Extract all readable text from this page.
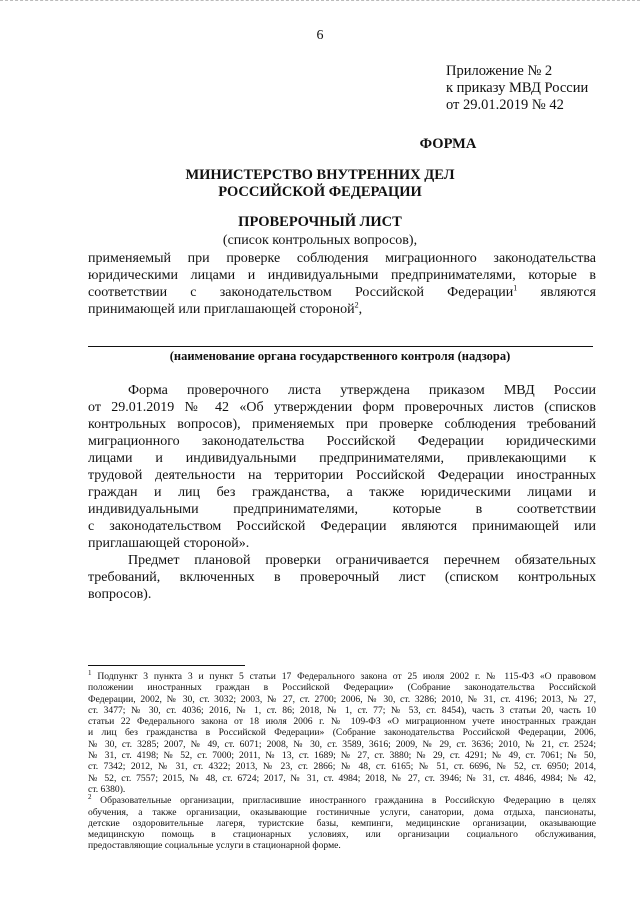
6
Приложение № 2
к приказу МВД России
от 29.01.2019 № 42
ФОРМА
МИНИСТЕРСТВО ВНУТРЕННИХ ДЕЛ
РОССИЙСКОЙ ФЕДЕРАЦИИ
ПРОВЕРОЧНЫЙ ЛИСТ
(список контрольных вопросов),
применяемый при проверке соблюдения миграционного законодательства
юридическими лицами и индивидуальными предпринимателями, которые в
соответствии с законодательством Российской Федерации$^1$ являются
принимающей или приглашающей стороной$^2$,
(наименование органа государственного контроля (надзора)
Форма проверочного листа утверждена приказом МВД России
от 29.01.2019 № 42 «Об утверждении форм проверочных листов (списков
контрольных вопросов), применяемых при проверке соблюдения требований
миграционного законодательства Российской Федерации юридическими
лицами и индивидуальными предпринимателями, привлекающими к
трудовой деятельности на территории Российской Федерации иностранных
граждан и лиц без гражданства, а также юридическими лицами и
индивидуальными предпринимателями, которые в соответствии
с законодательством Российской Федерации являются принимающей или
приглашающей стороной».
Предмет плановой проверки ограничивается перечнем обязательных
требований, включенных в проверочный лист (списком контрольных
вопросов).
$^1$ Подпункт 3 пункта 3 и пункт 5 статьи 17 Федерального закона от 25 июля 2002 г. № 115-ФЗ «О правовом
положении иностранных граждан в Российской Федерации» (Собрание законодательства Российской
Федерации, 2002, № 30, ст. 3032; 2003, № 27, ст. 2700; 2006, № 30, ст. 3286; 2010, № 31, ст. 4196; 2013, № 27,
ст. 3477; № 30, ст. 4036; 2016, № 1, ст. 86; 2018, № 1, ст. 77; № 53, ст. 8454), часть 3 статьи 20, часть 10
статьи 22 Федерального закона от 18 июля 2006 г. № 109-ФЗ «О миграционном учете иностранных граждан
и лиц без гражданства в Российской Федерации» (Собрание законодательства Российской Федерации, 2006,
№ 30, ст. 3285; 2007, № 49, ст. 6071; 2008, № 30, ст. 3589, 3616; 2009, № 29, ст. 3636; 2010, № 21, ст. 2524;
№ 31, ст. 4198; № 52, ст. 7000; 2011, № 13, ст. 1689; № 27, ст. 3880; № 29, ст. 4291; № 49, ст. 7061; № 50,
ст. 7342; 2012, № 31, ст. 4322; 2013, № 23, ст. 2866; № 48, ст. 6165; № 51, ст. 6696, № 52, ст. 6950; 2014,
№ 52, ст. 7557; 2015, № 48, ст. 6724; 2017, № 31, ст. 4984; 2018, № 27, ст. 3946; № 31, ст. 4846, 4984; № 42,
ст. 6380).
$^2$ Образовательные организации, пригласившие иностранного гражданина в Российскую Федерацию в целях
обучения, а также организации, оказывающие гостиничные услуги, санатории, дома отдыха, пансионаты,
детские оздоровительные лагеря, туристские базы, кемпинги, медицинские организации, оказывающие
медицинскую помощь в стационарных условиях, или организации социального обслуживания,
предоставляющие социальные услуги в стационарной форме.
